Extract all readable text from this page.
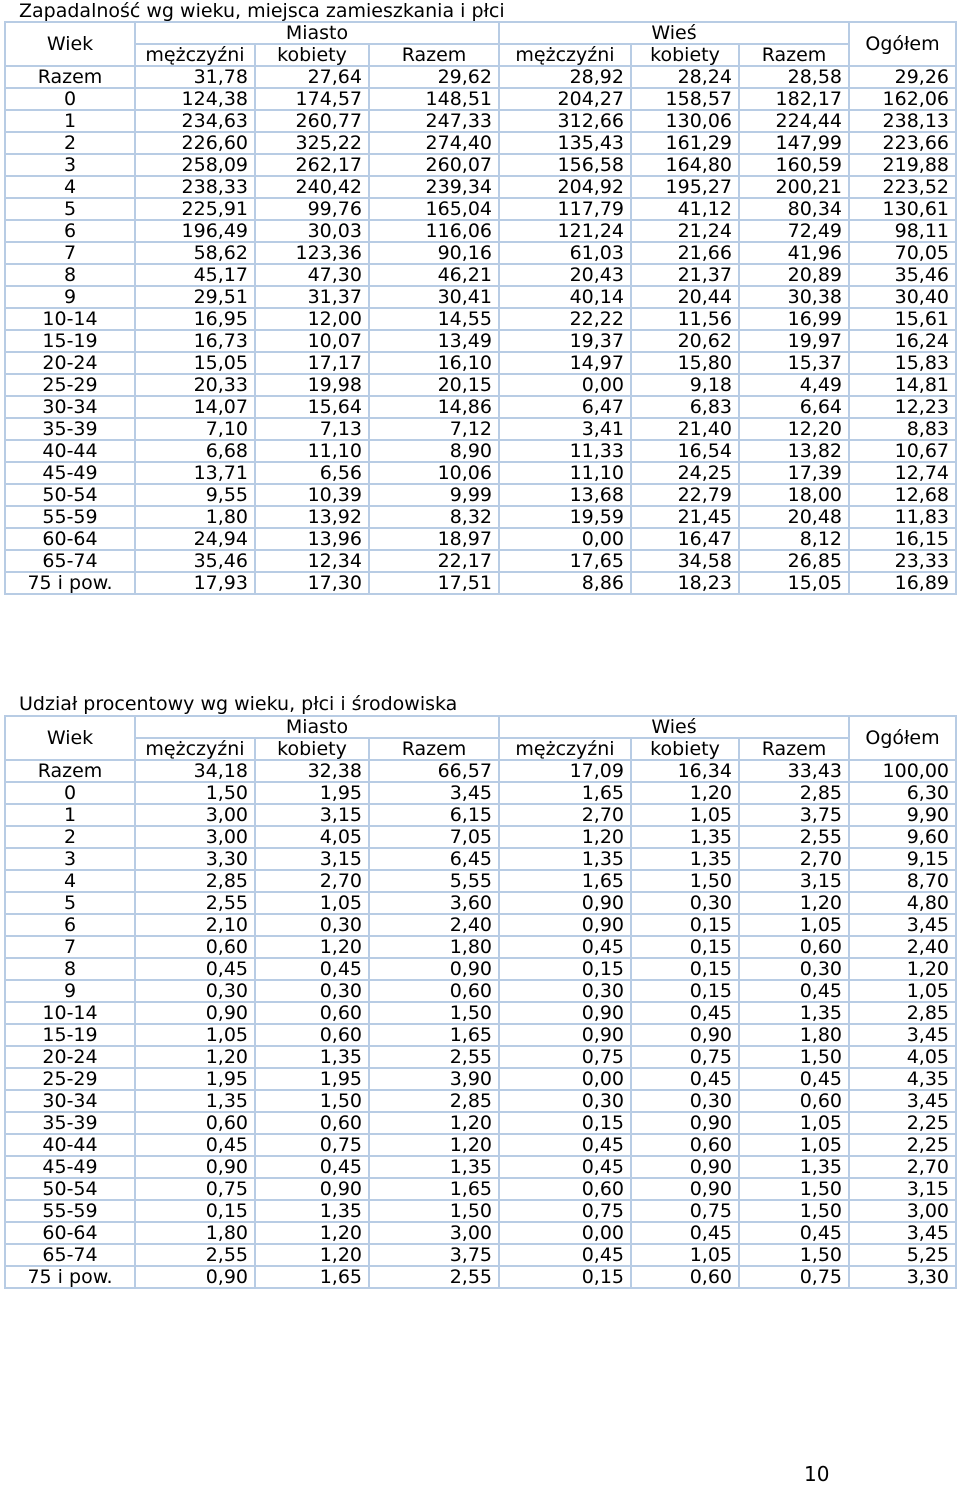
Zapadalność wg wieku, miejsca zamieszkania i płci
Wiek	Miasto			Wieś			Ogółem
	mężczyźni	kobiety	Razem	mężczyźni	kobiety	Razem	
Razem	31,78	27,64	29,62	28,92	28,24	28,58	29,26
0	124,38	174,57	148,51	204,27	158,57	182,17	162,06
1	234,63	260,77	247,33	312,66	130,06	224,44	238,13
2	226,60	325,22	274,40	135,43	161,29	147,99	223,66
3	258,09	262,17	260,07	156,58	164,80	160,59	219,88
4	238,33	240,42	239,34	204,92	195,27	200,21	223,52
5	225,91	99,76	165,04	117,79	41,12	80,34	130,61
6	196,49	30,03	116,06	121,24	21,24	72,49	98,11
7	58,62	123,36	90,16	61,03	21,66	41,96	70,05
8	45,17	47,30	46,21	20,43	21,37	20,89	35,46
9	29,51	31,37	30,41	40,14	20,44	30,38	30,40
10-14	16,95	12,00	14,55	22,22	11,56	16,99	15,61
15-19	16,73	10,07	13,49	19,37	20,62	19,97	16,24
20-24	15,05	17,17	16,10	14,97	15,80	15,37	15,83
25-29	20,33	19,98	20,15	0,00	9,18	4,49	14,81
30-34	14,07	15,64	14,86	6,47	6,83	6,64	12,23
35-39	7,10	7,13	7,12	3,41	21,40	12,20	8,83
40-44	6,68	11,10	8,90	11,33	16,54	13,82	10,67
45-49	13,71	6,56	10,06	11,10	24,25	17,39	12,74
50-54	9,55	10,39	9,99	13,68	22,79	18,00	12,68
55-59	1,80	13,92	8,32	19,59	21,45	20,48	11,83
60-64	24,94	13,96	18,97	0,00	16,47	8,12	16,15
65-74	35,46	12,34	22,17	17,65	34,58	26,85	23,33
75 i pow.	17,93	17,30	17,51	8,86	18,23	15,05	16,89
Udział procentowy wg wieku, płci i środowiska
Wiek	Miasto			Wieś			Ogółem
	mężczyźni	kobiety	Razem	mężczyźni	kobiety	Razem	
Razem	34,18	32,38	66,57	17,09	16,34	33,43	100,00
0	1,50	1,95	3,45	1,65	1,20	2,85	6,30
1	3,00	3,15	6,15	2,70	1,05	3,75	9,90
2	3,00	4,05	7,05	1,20	1,35	2,55	9,60
3	3,30	3,15	6,45	1,35	1,35	2,70	9,15
4	2,85	2,70	5,55	1,65	1,50	3,15	8,70
5	2,55	1,05	3,60	0,90	0,30	1,20	4,80
6	2,10	0,30	2,40	0,90	0,15	1,05	3,45
7	0,60	1,20	1,80	0,45	0,15	0,60	2,40
8	0,45	0,45	0,90	0,15	0,15	0,30	1,20
9	0,30	0,30	0,60	0,30	0,15	0,45	1,05
10-14	0,90	0,60	1,50	0,90	0,45	1,35	2,85
15-19	1,05	0,60	1,65	0,90	0,90	1,80	3,45
20-24	1,20	1,35	2,55	0,75	0,75	1,50	4,05
25-29	1,95	1,95	3,90	0,00	0,45	0,45	4,35
30-34	1,35	1,50	2,85	0,30	0,30	0,60	3,45
35-39	0,60	0,60	1,20	0,15	0,90	1,05	2,25
40-44	0,45	0,75	1,20	0,45	0,60	1,05	2,25
45-49	0,90	0,45	1,35	0,45	0,90	1,35	2,70
50-54	0,75	0,90	1,65	0,60	0,90	1,50	3,15
55-59	0,15	1,35	1,50	0,75	0,75	1,50	3,00
60-64	1,80	1,20	3,00	0,00	0,45	0,45	3,45
65-74	2,55	1,20	3,75	0,45	1,05	1,50	5,25
75 i pow.	0,90	1,65	2,55	0,15	0,60	0,75	3,30
10
